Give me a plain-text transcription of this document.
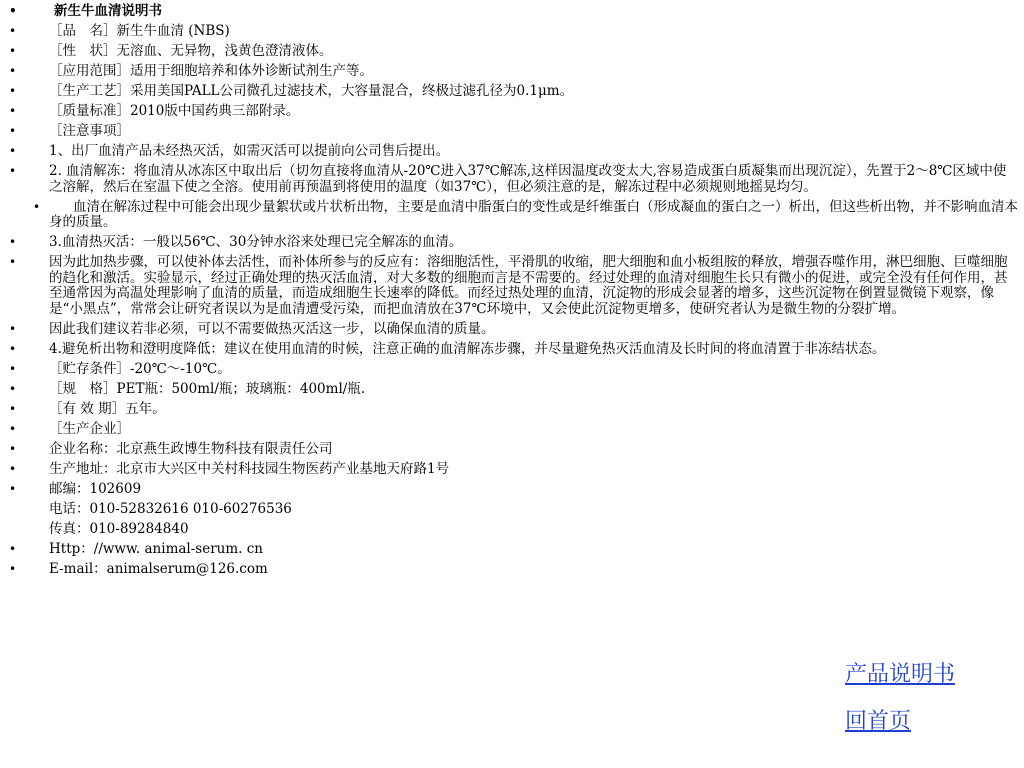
• 新生牛血清说明书
• ［品　名］新生牛血清 (NBS)
• ［性　状］无溶血、无异物，浅黄色澄清液体。
• ［应用范围］适用于细胞培养和体外诊断试剂生产等。
• ［生产工艺］采用美国PALL公司微孔过滤技术，大容量混合，终极过滤孔径为0.1μm。
• ［质量标准］2010版中国药典三部附录。
• ［注意事项］
• 1、出厂血清产品未经热灭活，如需灭活可以提前向公司售后提出。
• 2. 血清解冻：将血清从冰冻区中取出后（切勿直接将血清从-20℃进入37℃解冻,这样因温度改变太大,容易造成蛋白质凝集而出现沉淀），先置于2～8℃区域中使之溶解，然后在室温下使之全溶。使用前再预温到将使用的温度（如37℃），但必须注意的是，解冻过程中必须规则地摇晃均匀。
• 血清在解冻过程中可能会出现少量絮状或片状析出物，主要是血清中脂蛋白的变性或是纤维蛋白（形成凝血的蛋白之一）析出，但这些析出物，并不影响血清本身的质量。
• 3.血清热灭活：一般以56℃、30分钟水浴来处理已完全解冻的血清。
• 因为此加热步骤，可以使补体去活性，而补体所参与的反应有：溶细胞活性，平滑肌的收缩，肥大细胞和血小板组胺的释放，增强吞噬作用，淋巴细胞、巨噬细胞的趋化和激活。实验显示，经过正确处理的热灭活血清，对大多数的细胞而言是不需要的。经过处理的血清对细胞生长只有微小的促进，或完全没有任何作用，甚至通常因为高温处理影响了血清的质量，而造成细胞生长速率的降低。而经过热处理的血清，沉淀物的形成会显著的增多，这些沉淀物在倒置显微镜下观察，像是“小黑点”，常常会让研究者误以为是血清遭受污染，而把血清放在37℃环境中，又会使此沉淀物更增多，使研究者认为是微生物的分裂扩增。
• 因此我们建议若非必须，可以不需要做热灭活这一步，以确保血清的质量。
• 4.避免析出物和澄明度降低：建议在使用血清的时候，注意正确的血清解冻步骤，并尽量避免热灭活血清及长时间的将血清置于非冻结状态。
• ［贮存条件］-20℃～-10℃。
• ［规　格］PET瓶：500ml/瓶；玻璃瓶：400ml/瓶.
• ［有 效 期］五年。
• ［生产企业］
• 企业名称：北京燕生政博生物科技有限责任公司
• 生产地址：北京市大兴区中关村科技园生物医药产业基地天府路1号
• 邮编：102609
电话：010-52832616 010-60276536
传真：010-89284840
• Http：//www. animal-serum. cn
• E-mail：animalserum@126.com
产品说明书
回首页
